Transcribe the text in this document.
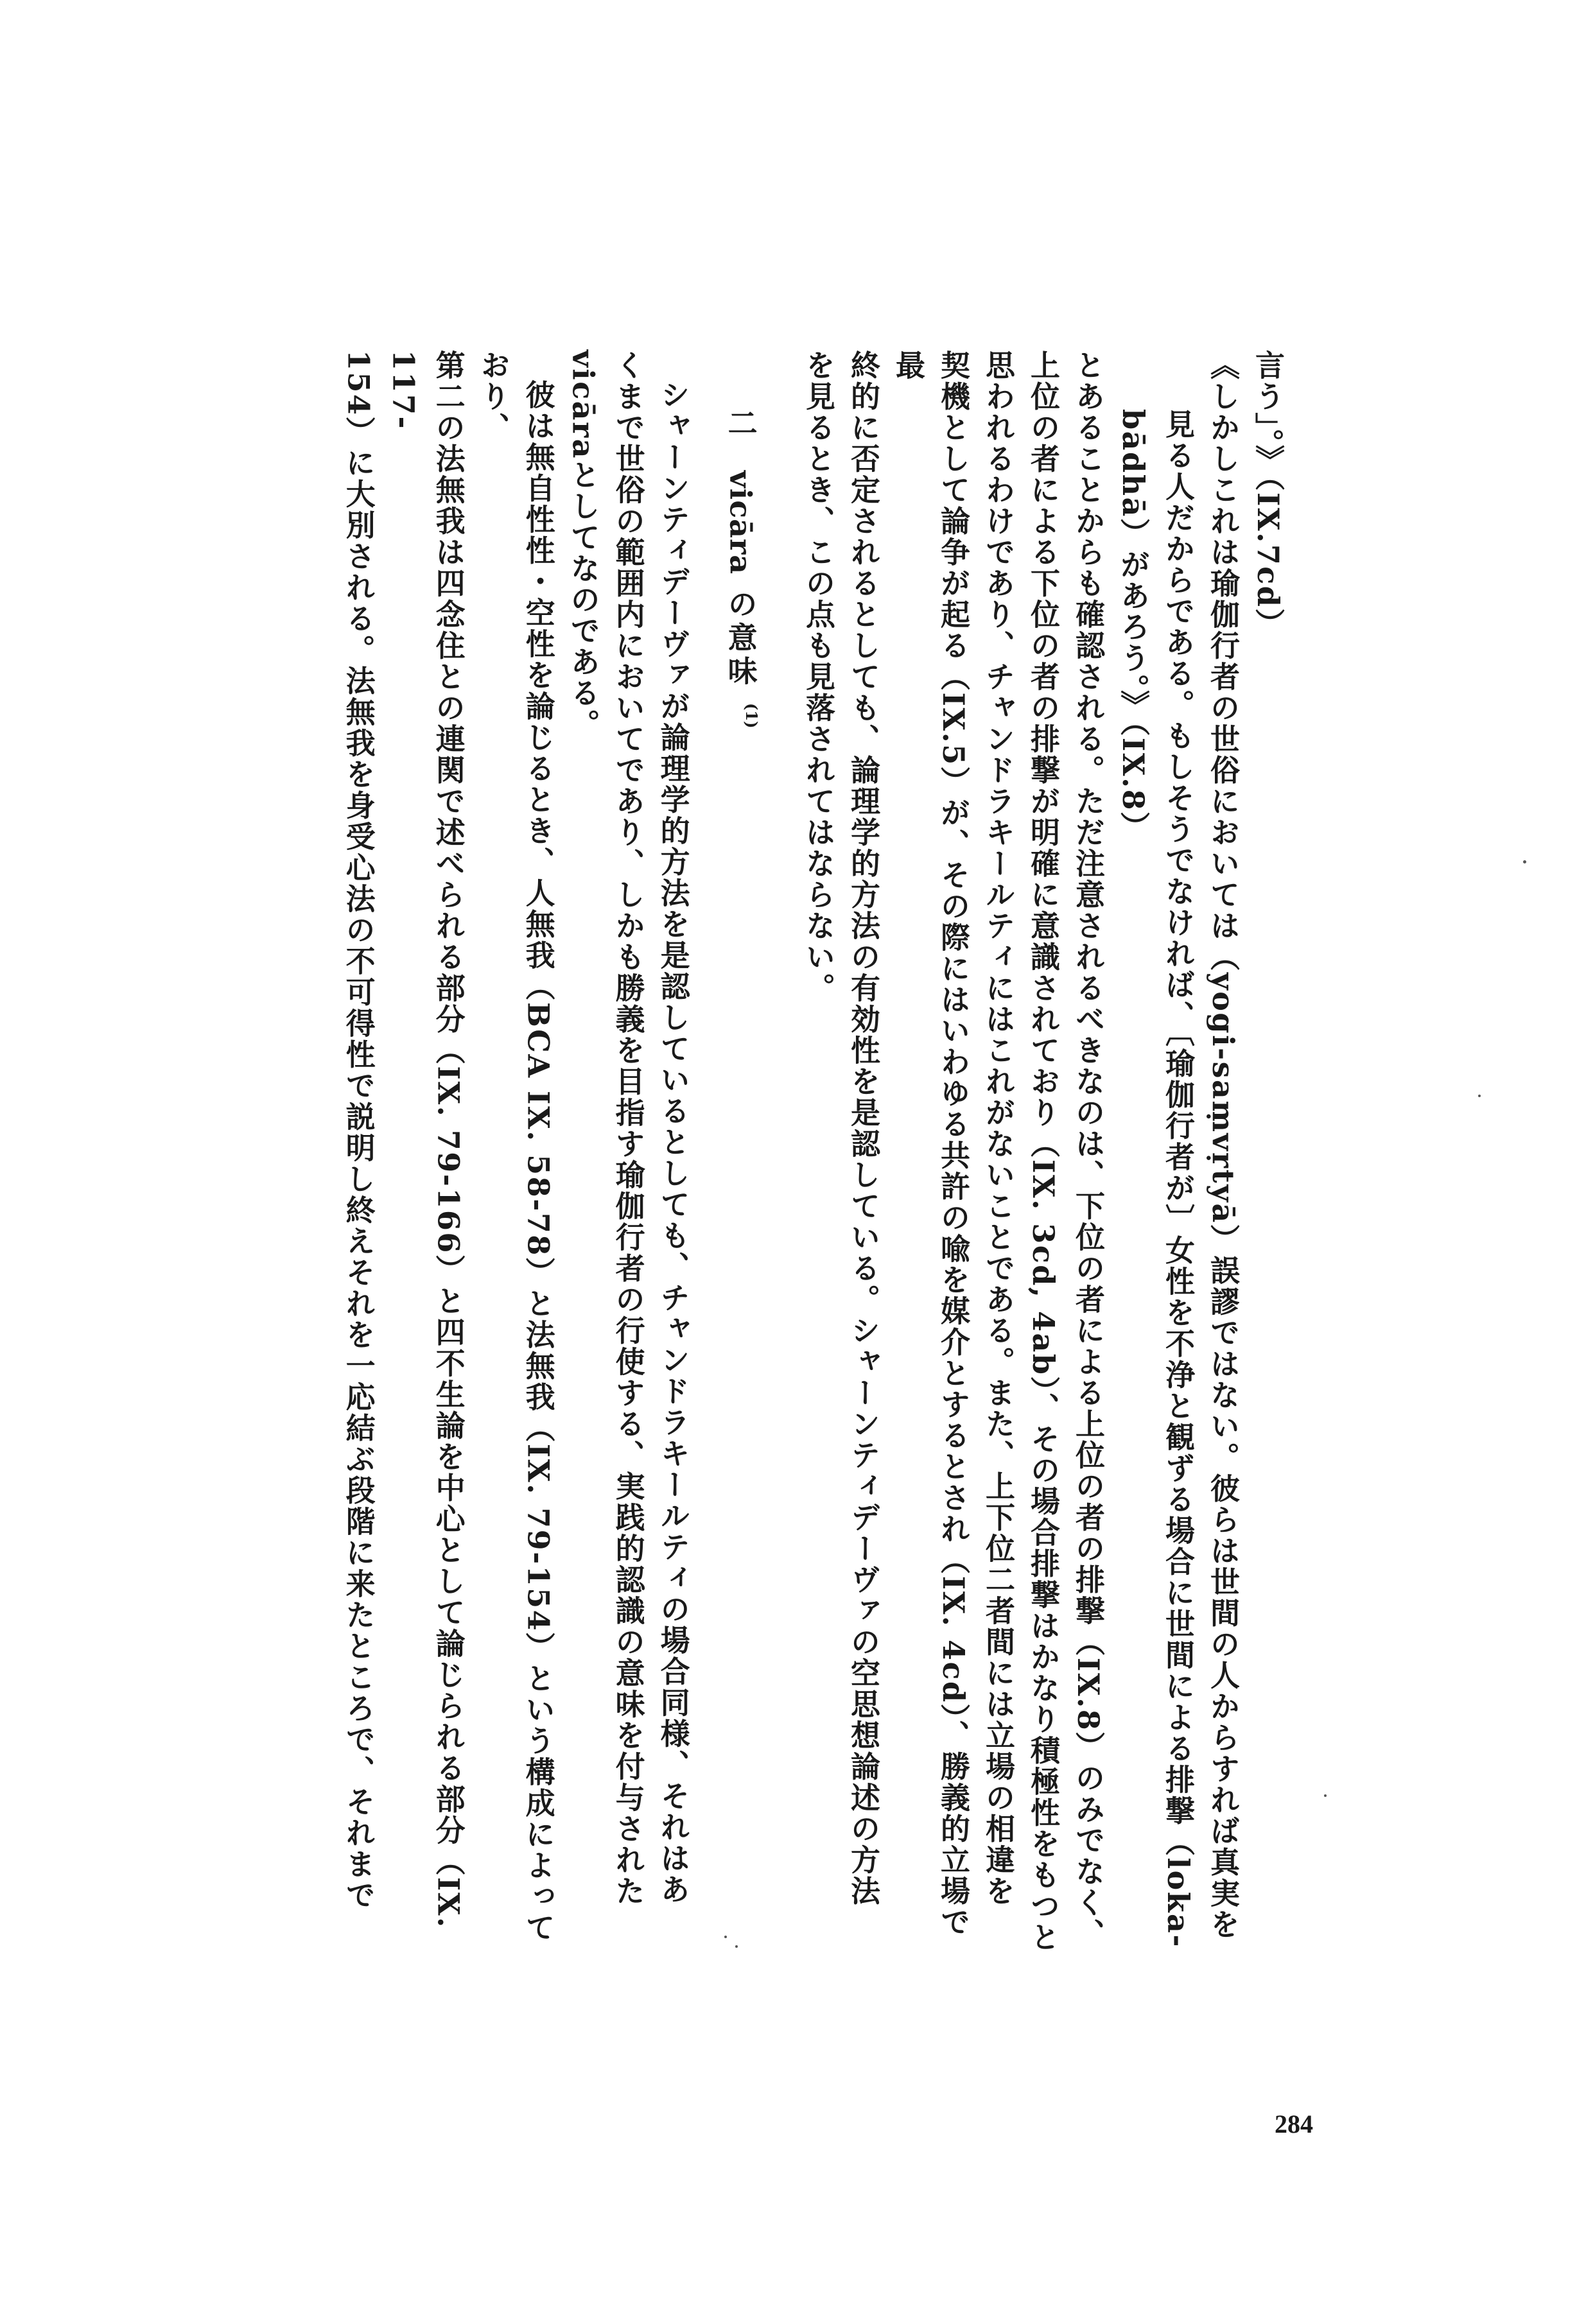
言う」。》（IX.7cd）

《しかしこれは瑜伽行者の世俗においては（yogi-saṃvṛtyā）誤謬ではない。彼らは世間の人からすれば真実を

見る人だからである。もしそうでなければ、〔瑜伽行者が〕女性を不浄と観ずる場合に世間による排撃（loka-

bādhā）があろう。》（IX.8）

とあることからも確認される。ただ注意されるべきなのは、下位の者による上位の者の排撃（IX.8）のみでなく、

上位の者による下位の者の排撃が明確に意識されており（IX. 3cd, 4ab）、その場合排撃はかなり積極性をもつと

思われるわけであり、チャンドラキールティにはこれがないことである。また、上下位二者間には立場の相違を

契機として論争が起る（IX.5）が、その際にはいわゆる共許の喩を媒介とするとされ（IX. 4cd）、勝義的立場で最

終的に否定されるとしても、論理学的方法の有効性を是認している。シャーンティデーヴァの空思想論述の方法

を見るとき、この点も見落されてはならない。

二 vicāra の意味 $^{(1)}$

シャーンティデーヴァが論理学的方法を是認しているとしても、チャンドラキールティの場合同様、それはあ

くまで世俗の範囲内においてであり、しかも勝義を目指す瑜伽行者の行使する、実践的認識の意味を付与された

vicāraとしてなのである。

彼は無自性性・空性を論じるとき、人無我（BCA IX. 58-78）と法無我（IX. 79-154）という構成によっており、

第二の法無我は四念住との連関で述べられる部分（IX. 79-166）と四不生論を中心として論じられる部分（IX. 117-

154）に大別される。法無我を身受心法の不可得性で説明し終えそれを一応結ぶ段階に来たところで、それまで

284
